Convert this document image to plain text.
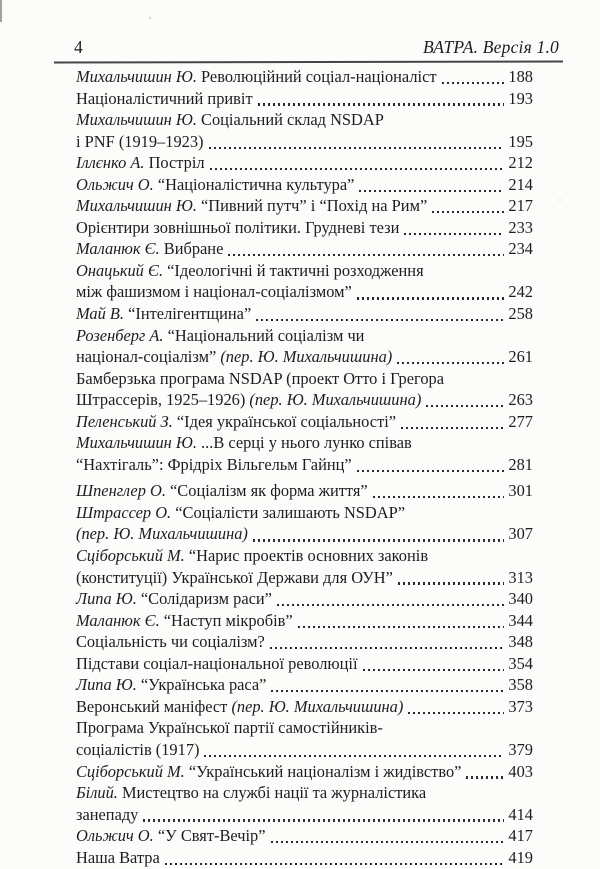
4	ВАТРА. Версія 1.0
Михальчишин Ю. Революційний соціал-націоналіст	188
Націоналістичний привіт	193
Михальчишин Ю. Соціальний склад NSDAP
і PNF (1919–1923)	195
Іллєнко А. Постріл	212
Ольжич О. “Націоналістична культура”	214
Михальчишин Ю. “Пивний путч” і “Похід на Рим”	217
Орієнтири зовнішньої політики. Грудневі тези	233
Маланюк Є. Вибране	234
Онацький Є. “Ідеологічні й тактичні розходження
між фашизмом і націонал-соціалізмом”	242
Май В. “Інтелігентщина”	258
Розенберг А. “Національний соціалізм чи
націонал-соціалізм” (пер. Ю. Михальчишина)	261
Бамберзька програма NSDAP (проект Отто і Грегора
Штрассерів, 1925–1926) (пер. Ю. Михальчишина)	263
Пеленський З. “Ідея української соціальності”	277
Михальчишин Ю. ...В серці у нього лунко співав
“Нахтігаль”: Фрідріх Вільгельм Гайнц”	281
Шпенглер О. “Соціалізм як форма життя”	301
Штрассер О. “Соціалісти залишають NSDAP”
(пер. Ю. Михальчишина)	307
Сціборський М. “Нарис проектів основних законів
(конституції) Української Держави для ОУН”	313
Липа Ю. “Солідаризм раси”	340
Маланюк Є. “Наступ мікробів”	344
Соціальність чи соціалізм?	348
Підстави соціал-національної революції	354
Липа Ю. “Українська раса”	358
Веронський маніфест (пер. Ю. Михальчишина)	373
Програма Української партії самостійників-
соціалістів (1917)	379
Сціборський М. “Український націоналізм і жидівство”	403
Білий. Мистецтво на службі нації та журналістика
занепаду	414
Ольжич О. “У Свят-Вечір”	417
Наша Ватра	419
